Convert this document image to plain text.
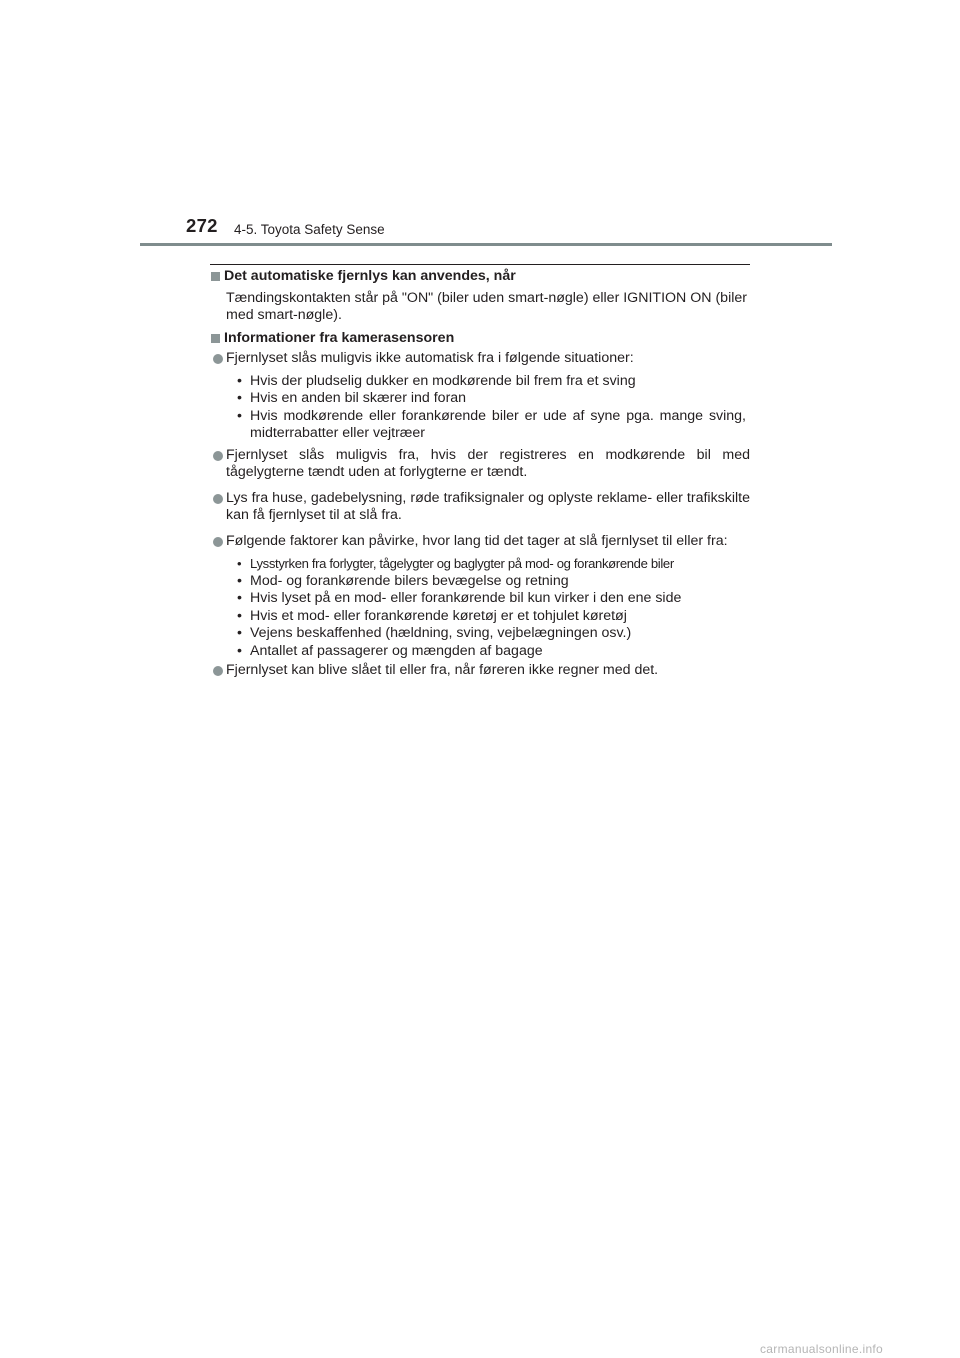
272 4-5. Toyota Safety Sense
Det automatiske fjernlys kan anvendes, når
Tændingskontakten står på "ON" (biler uden smart-nøgle) eller IGNITION ON (biler med smart-nøgle).
Informationer fra kamerasensoren
Fjernlyset slås muligvis ikke automatisk fra i følgende situationer:
• Hvis der pludselig dukker en modkørende bil frem fra et sving
• Hvis en anden bil skærer ind foran
• Hvis modkørende eller forankørende biler er ude af syne pga. mange sving, midterrabatter eller vejtræer
Fjernlyset slås muligvis fra, hvis der registreres en modkørende bil med tågelygterne tændt uden at forlygterne er tændt.
Lys fra huse, gadebelysning, røde trafiksignaler og oplyste reklame- eller trafikskilte kan få fjernlyset til at slå fra.
Følgende faktorer kan påvirke, hvor lang tid det tager at slå fjernlyset til eller fra:
• Lysstyrken fra forlygter, tågelygter og baglygter på mod- og forankørende biler
• Mod- og forankørende bilers bevægelse og retning
• Hvis lyset på en mod- eller forankørende bil kun virker i den ene side
• Hvis et mod- eller forankørende køretøj er et tohjulet køretøj
• Vejens beskaffenhed (hældning, sving, vejbelægningen osv.)
• Antallet af passagerer og mængden af bagage
Fjernlyset kan blive slået til eller fra, når føreren ikke regner med det.
carmanualsonline.info
